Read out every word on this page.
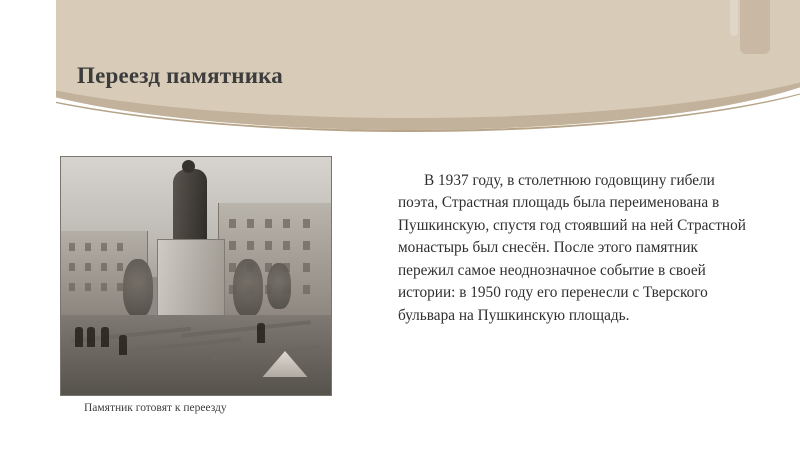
Переезд памятника
Памятник готовят к переезду
В 1937 году, в столетнюю годовщину гибели поэта, Страстная площадь была переименована в Пушкинскую, спустя год стоявший на ней Страстной монастырь был снесён. После этого памятник пережил самое неоднозначное событие в своей истории: в 1950 году его перенесли с Тверского бульвара на Пушкинскую площадь.
